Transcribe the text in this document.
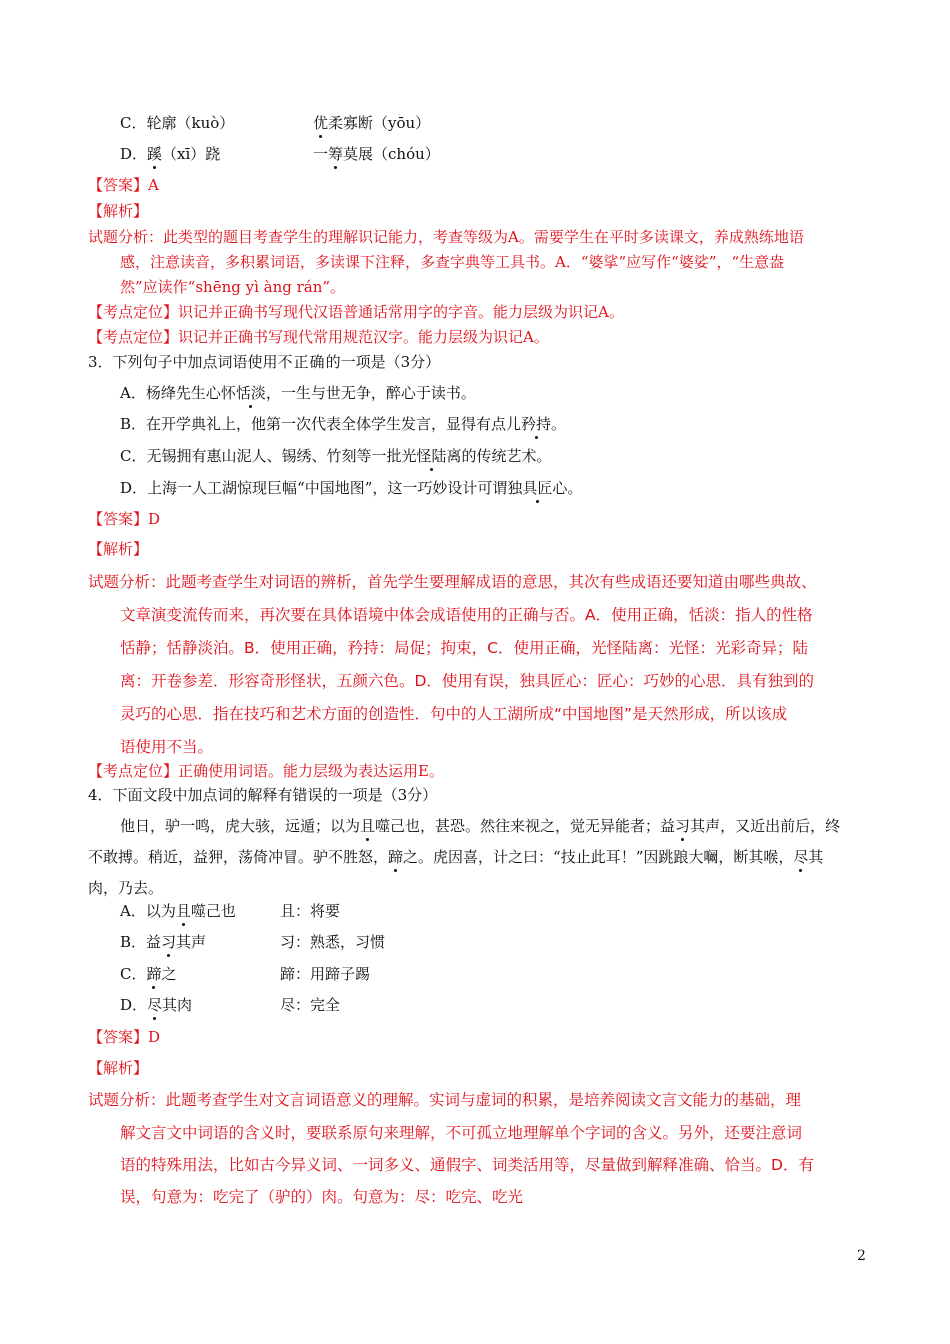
C．轮廓（kuò）	优柔寡断（yōu）
D．蹊（xī）跷	一筹莫展（chóu）
【答案】A
【解析】
试题分析：此类型的题目考查学生的理解识记能力，考查等级为A。需要学生在平时多读课文，养成熟练地语
感，注意读音，多积累词语，多读课下注释，多查字典等工具书。A．“婆挲”应写作“婆娑”，“生意盎
然”应读作“shēng yì àng rán”。
【考点定位】识记并正确书写现代汉语普通话常用字的字音。能力层级为识记A。
【考点定位】识记并正确书写现代常用规范汉字。能力层级为识记A。
3．下列句子中加点词语使用不正确的一项是（3分）
A．杨绛先生心怀恬淡，一生与世无争，醉心于读书。
B．在开学典礼上，他第一次代表全体学生发言，显得有点儿矜持。
C．无锡拥有惠山泥人、锡绣、竹刻等一批光怪陆离的传统艺术。
D．上海一人工湖惊现巨幅“中国地图”，这一巧妙设计可谓独具匠心。
【答案】D
【解析】
试题分析：此题考查学生对词语的辨析，首先学生要理解成语的意思，其次有些成语还要知道由哪些典故、
文章演变流传而来，再次要在具体语境中体会成语使用的正确与否。A．使用正确，恬淡：指人的性格
恬静；恬静淡泊。B．使用正确，矜持：局促；拘束，C．使用正确，光怪陆离：光怪：光彩奇异；陆
离：开卷参差．形容奇形怪状，五颜六色。D．使用有误，独具匠心：匠心：巧妙的心思．具有独到的
灵巧的心思．指在技巧和艺术方面的创造性．句中的人工湖所成“中国地图”是天然形成，所以该成
语使用不当。
【考点定位】正确使用词语。能力层级为表达运用E。
4．下面文段中加点词的解释有错误的一项是（3分）
他日，驴一鸣，虎大骇，远遁；以为且噬己也，甚恐。然往来视之，觉无异能者；益习其声，又近出前后，终
不敢搏。稍近，益狎，荡倚冲冒。驴不胜怒，蹄之。虎因喜，计之曰：“技止此耳！”因跳踉大㘎，断其喉，尽其
肉，乃去。
A．以为且噬己也	且：将要
B．益习其声	习：熟悉，习惯
C．蹄之	蹄：用蹄子踢
D．尽其肉	尽：完全
【答案】D
【解析】
试题分析：此题考查学生对文言词语意义的理解。实词与虚词的积累，是培养阅读文言文能力的基础，理
解文言文中词语的含义时，要联系原句来理解，不可孤立地理解单个字词的含义。另外，还要注意词
语的特殊用法，比如古今异义词、一词多义、通假字、词类活用等，尽量做到解释准确、恰当。D．有
误，句意为：吃完了（驴的）肉。句意为：尽：吃完、吃光
2
